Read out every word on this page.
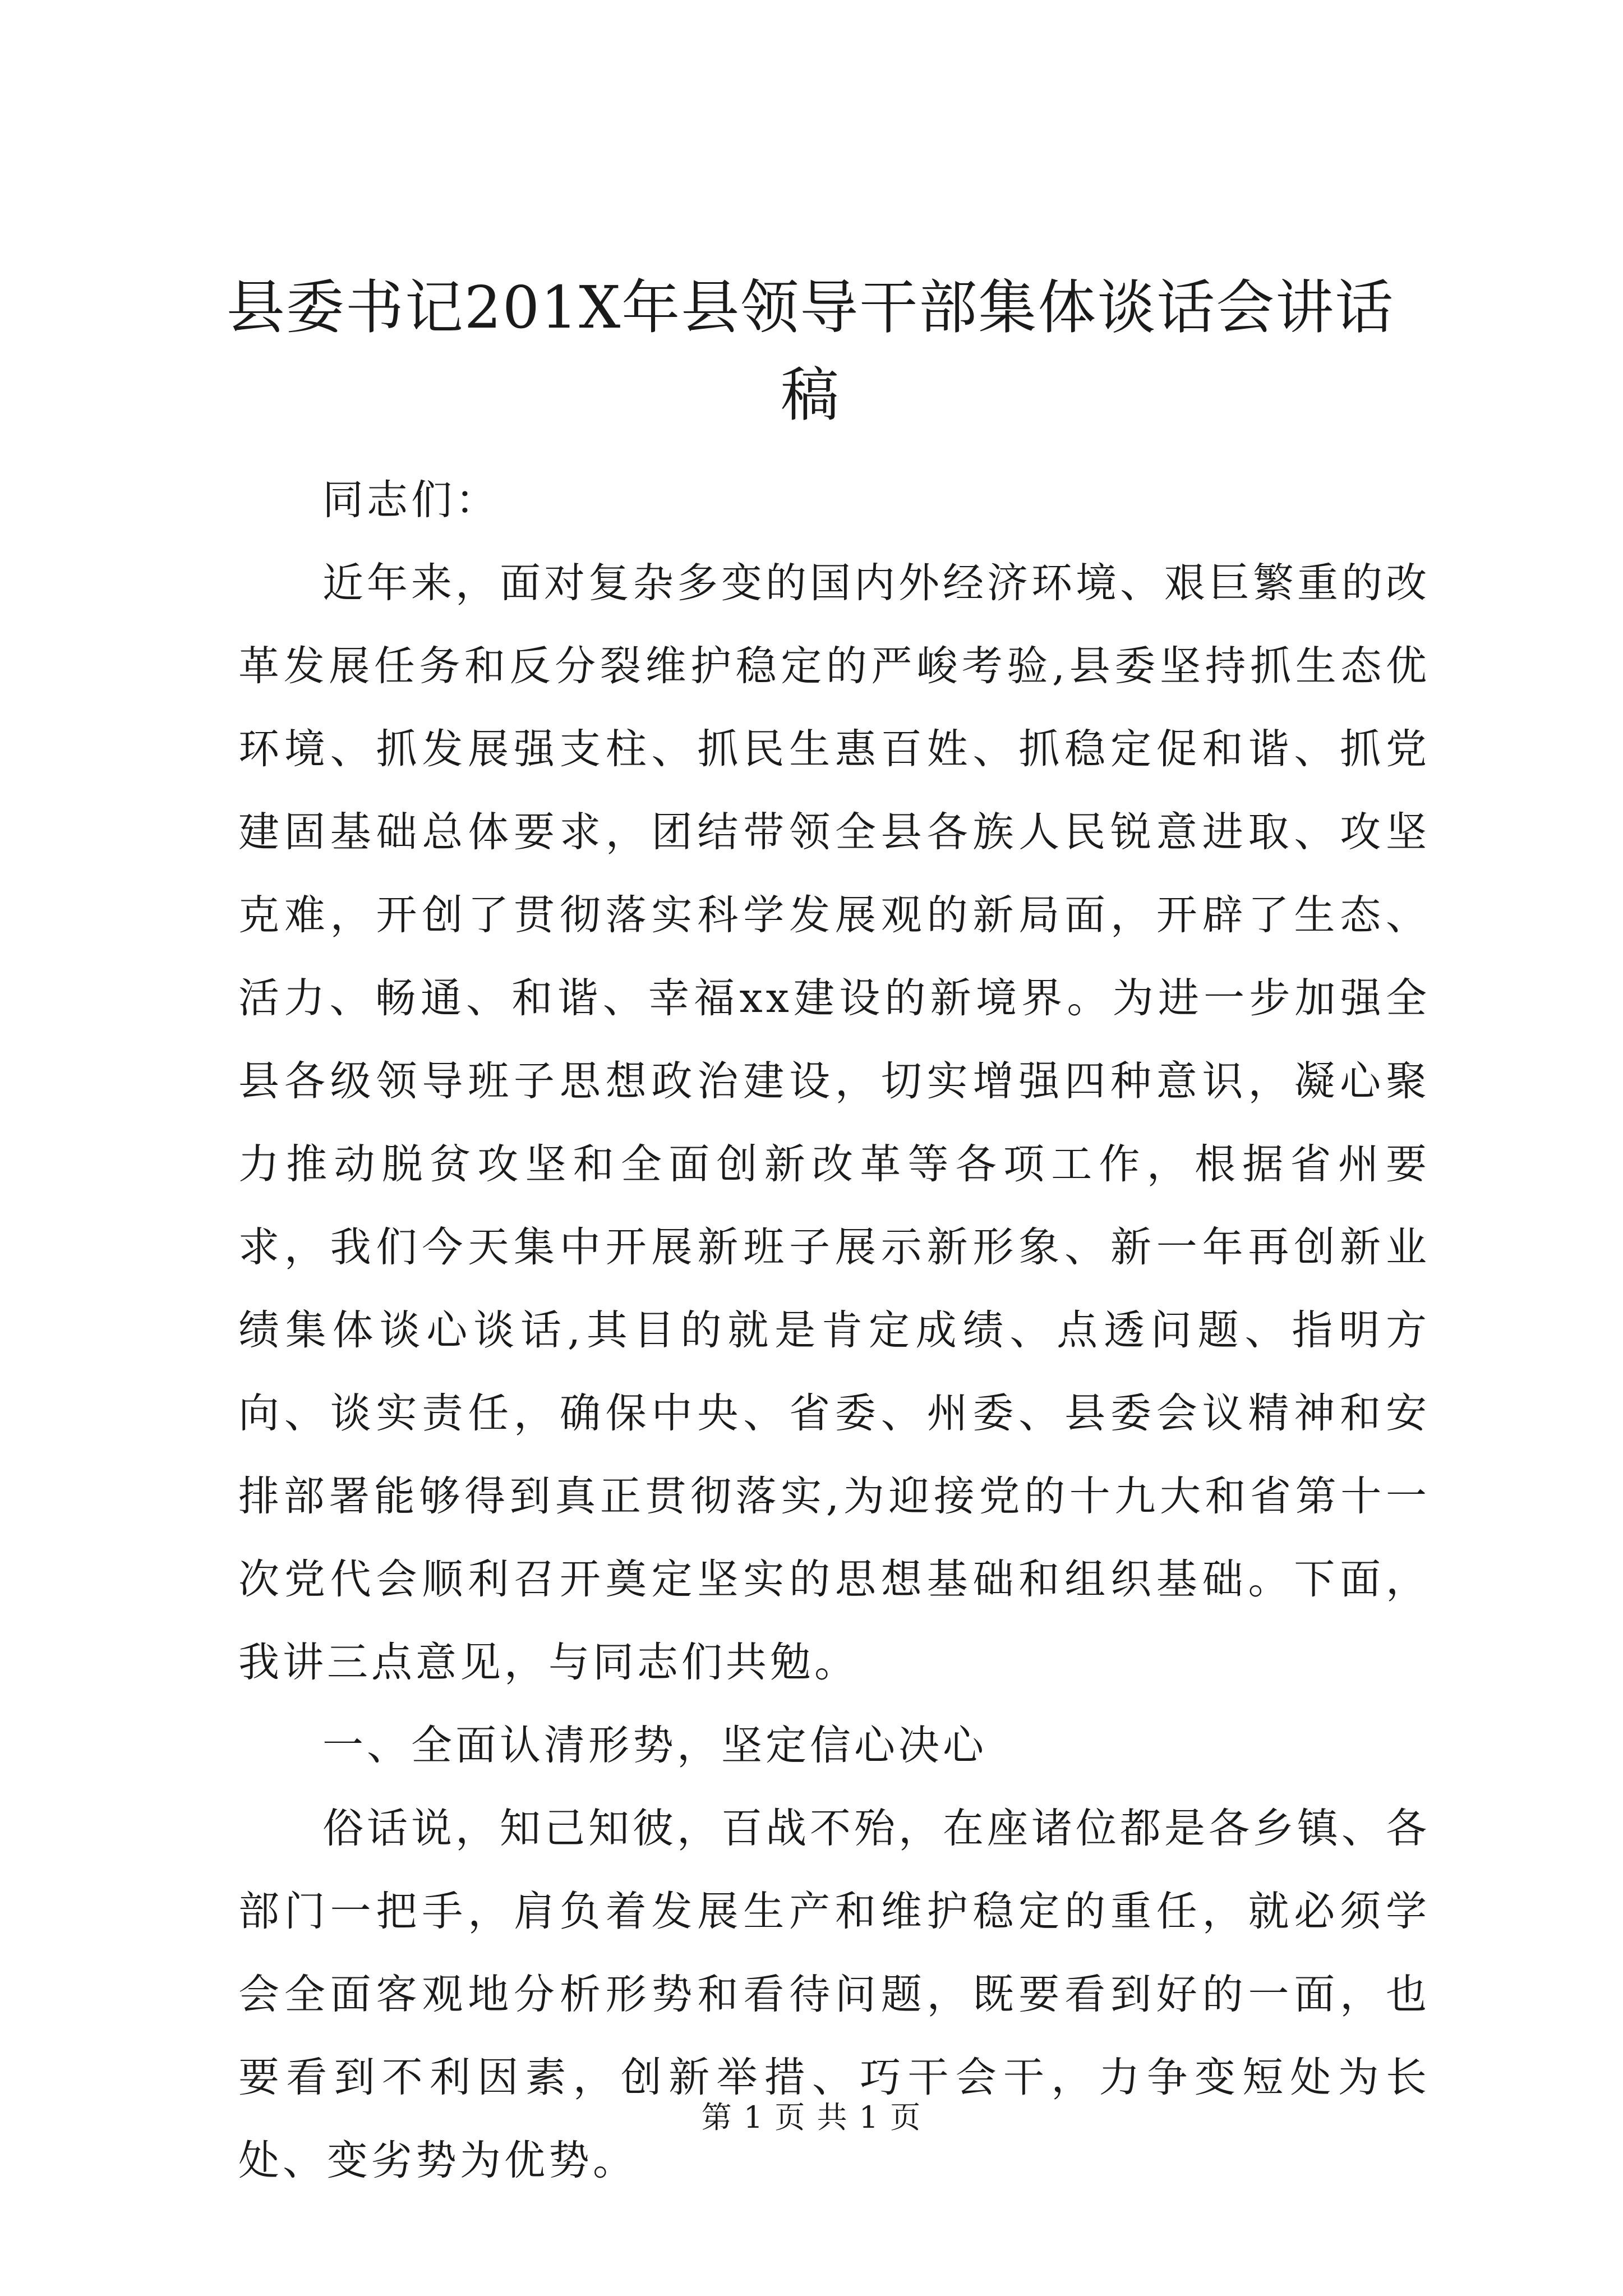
县委书记201X年县领导干部集体谈话会讲话稿

同志们：

近年来，面对复杂多变的国内外经济环境、艰巨繁重的改革发展任务和反分裂维护稳定的严峻考验,县委坚持抓生态优环境、抓发展强支柱、抓民生惠百姓、抓稳定促和谐、抓党建固基础总体要求，团结带领全县各族人民锐意进取、攻坚克难，开创了贯彻落实科学发展观的新局面，开辟了生态、活力、畅通、和谐、幸福xx建设的新境界。为进一步加强全县各级领导班子思想政治建设，切实增强四种意识，凝心聚力推动脱贫攻坚和全面创新改革等各项工作，根据省州要求，我们今天集中开展新班子展示新形象、新一年再创新业绩集体谈心谈话,其目的就是肯定成绩、点透问题、指明方向、谈实责任，确保中央、省委、州委、县委会议精神和安排部署能够得到真正贯彻落实,为迎接党的十九大和省第十一次党代会顺利召开奠定坚实的思想基础和组织基础。下面，我讲三点意见，与同志们共勉。

一、全面认清形势，坚定信心决心

俗话说，知己知彼，百战不殆，在座诸位都是各乡镇、各部门一把手，肩负着发展生产和维护稳定的重任，就必须学会全面客观地分析形势和看待问题，既要看到好的一面，也要看到不利因素，创新举措、巧干会干，力争变短处为长处、变劣势为优势。

第 1 页 共 1 页
